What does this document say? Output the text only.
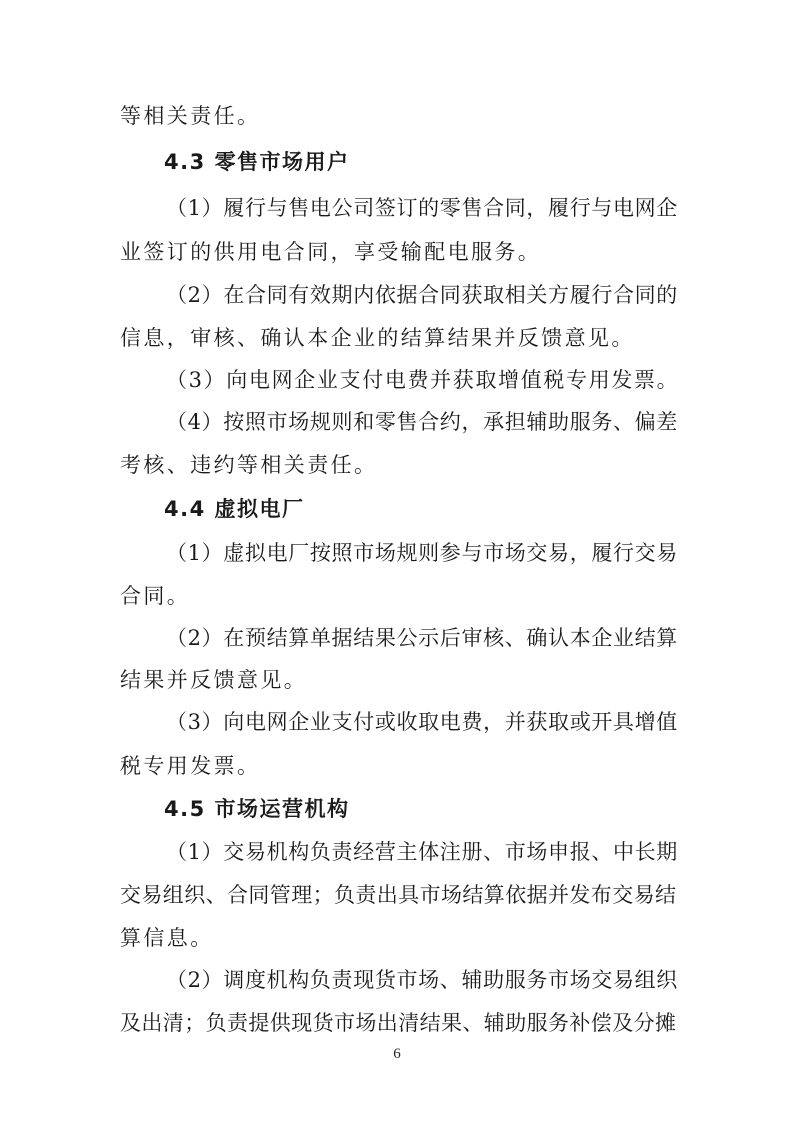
等相关责任。
4.3 零售市场用户
（1）履行与售电公司签订的零售合同，履行与电网企
业签订的供用电合同，享受输配电服务。
（2）在合同有效期内依据合同获取相关方履行合同的
信息，审核、确认本企业的结算结果并反馈意见。
（3）向电网企业支付电费并获取增值税专用发票。
（4）按照市场规则和零售合约，承担辅助服务、偏差
考核、违约等相关责任。
4.4 虚拟电厂
（1）虚拟电厂按照市场规则参与市场交易，履行交易
合同。
（2）在预结算单据结果公示后审核、确认本企业结算
结果并反馈意见。
（3）向电网企业支付或收取电费，并获取或开具增值
税专用发票。
4.5 市场运营机构
（1）交易机构负责经营主体注册、市场申报、中长期
交易组织、合同管理；负责出具市场结算依据并发布交易结
算信息。
（2）调度机构负责现货市场、辅助服务市场交易组织
及出清；负责提供现货市场出清结果、辅助服务补偿及分摊
6
